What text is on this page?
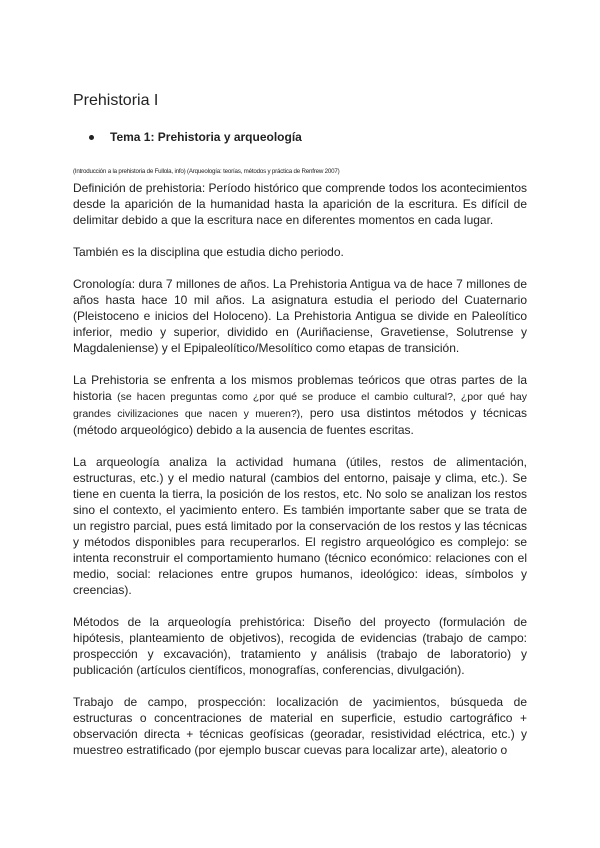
Prehistoria I
Tema 1: Prehistoria y arqueología
(Introducción a la prehistoria de Fullola, info) (Arqueología: teorías, métodos y práctica de Renfrew 2007)

Definición de prehistoria: Período histórico que comprende todos los acontecimientos desde la aparición de la humanidad hasta la aparición de la escritura. Es difícil de delimitar debido a que la escritura nace en diferentes momentos en cada lugar.

También es la disciplina que estudia dicho periodo.

Cronología: dura 7 millones de años. La Prehistoria Antigua va de hace 7 millones de años hasta hace 10 mil años. La asignatura estudia el periodo del Cuaternario (Pleistoceno e inicios del Holoceno). La Prehistoria Antigua se divide en Paleolítico inferior, medio y superior, dividido en (Auriñaciense, Gravetiense, Solutrense y Magdaleniense) y el Epipaleolítico/Mesolítico como etapas de transición.

La Prehistoria se enfrenta a los mismos problemas teóricos que otras partes de la historia (se hacen preguntas como ¿por qué se produce el cambio cultural?, ¿por qué hay grandes civilizaciones que nacen y mueren?), pero usa distintos métodos y técnicas (método arqueológico) debido a la ausencia de fuentes escritas.

La arqueología analiza la actividad humana (útiles, restos de alimentación, estructuras, etc.) y el medio natural (cambios del entorno, paisaje y clima, etc.). Se tiene en cuenta la tierra, la posición de los restos, etc. No solo se analizan los restos sino el contexto, el yacimiento entero. Es también importante saber que se trata de un registro parcial, pues está limitado por la conservación de los restos y las técnicas y métodos disponibles para recuperarlos. El registro arqueológico es complejo: se intenta reconstruir el comportamiento humano (técnico económico: relaciones con el medio, social: relaciones entre grupos humanos, ideológico: ideas, símbolos y creencias).

Métodos de la arqueología prehistórica: Diseño del proyecto (formulación de hipótesis, planteamiento de objetivos), recogida de evidencias (trabajo de campo: prospección y excavación), tratamiento y análisis (trabajo de laboratorio) y publicación (artículos científicos, monografías, conferencias, divulgación).

Trabajo de campo, prospección: localización de yacimientos, búsqueda de estructuras o concentraciones de material en superficie, estudio cartográfico + observación directa + técnicas geofísicas (georadar, resistividad eléctrica, etc.) y muestreo estratificado (por ejemplo buscar cuevas para localizar arte), aleatorio o
